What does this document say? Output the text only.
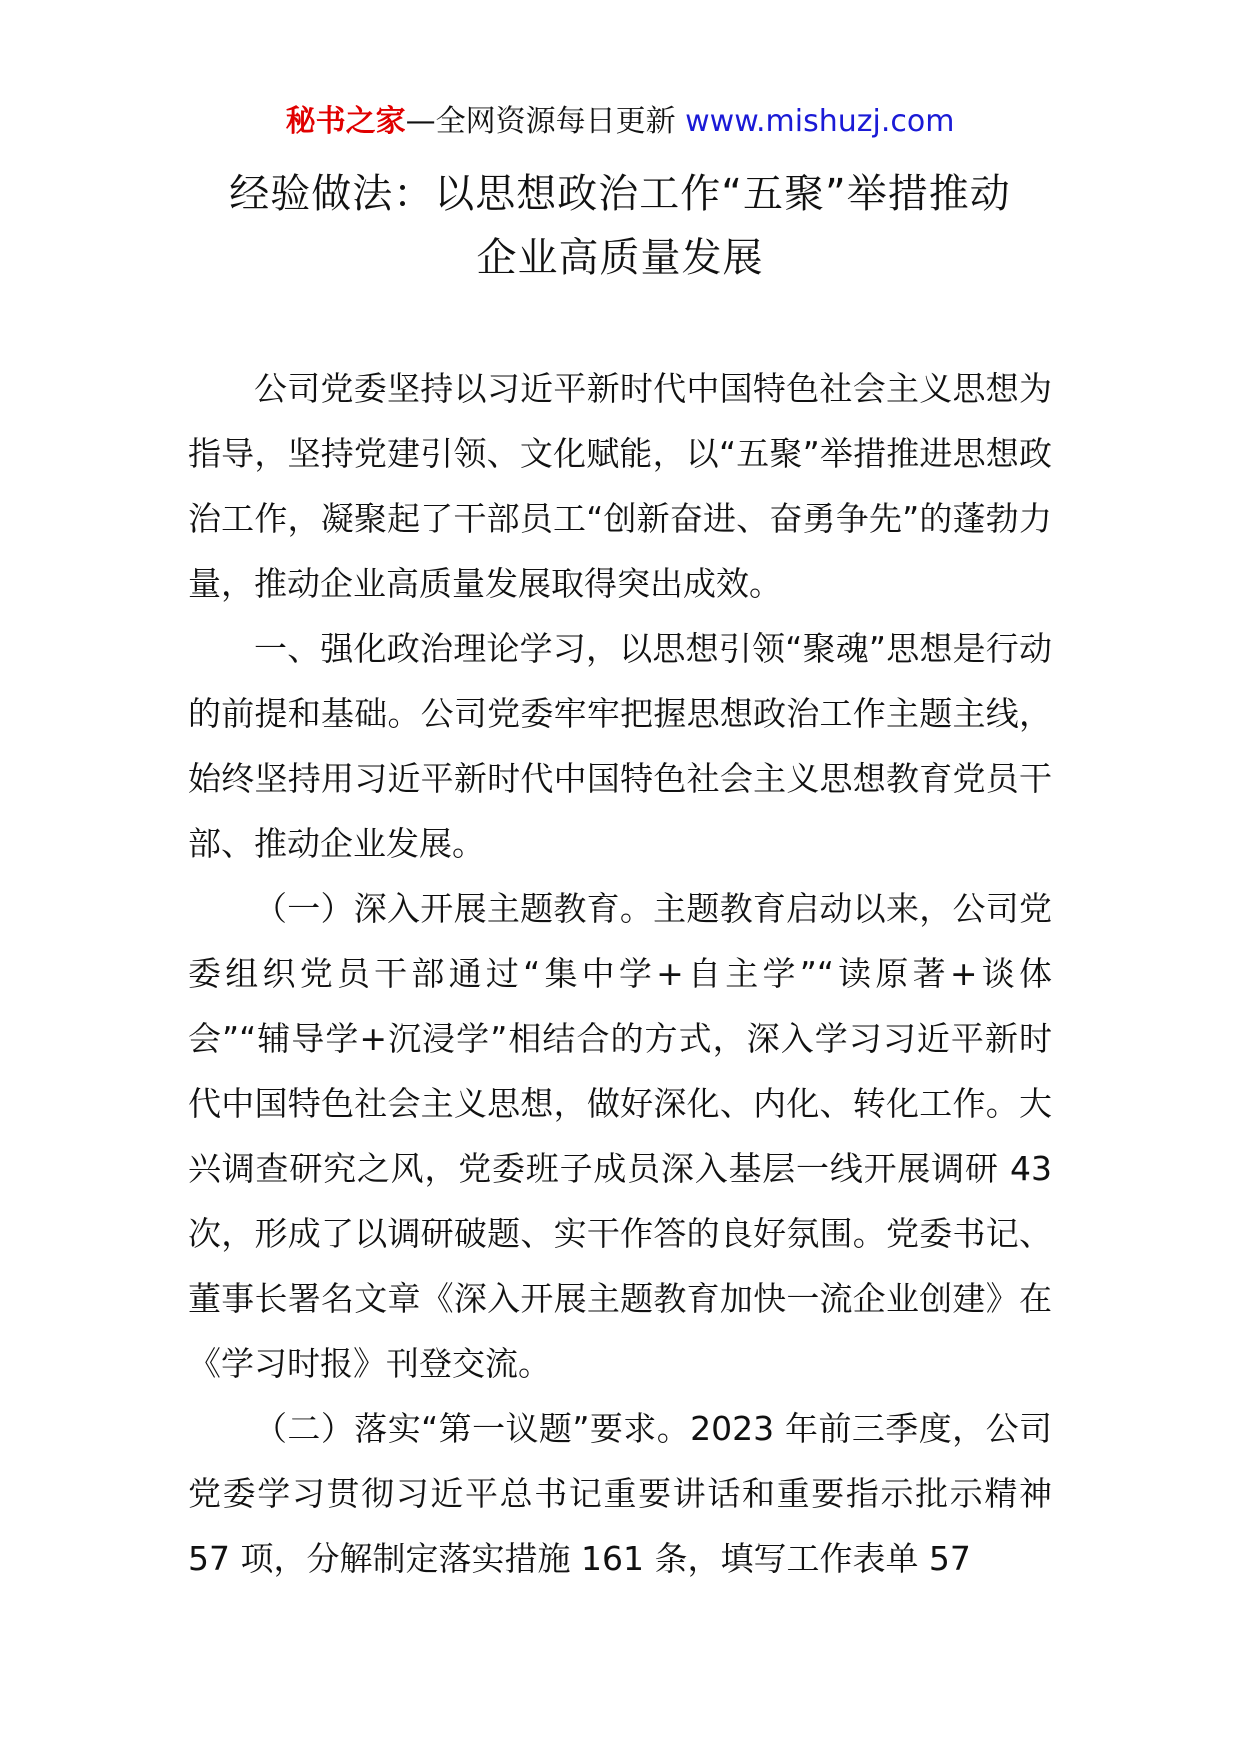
秘书之家—全网资源每日更新 www.mishuzj.com
经验做法：以思想政治工作“五聚”举措推动
企业高质量发展

公司党委坚持以习近平新时代中国特色社会主义思想为指导，坚持党建引领、文化赋能，以“五聚”举措推进思想政治工作，凝聚起了干部员工“创新奋进、奋勇争先”的蓬勃力量，推动企业高质量发展取得突出成效。

一、强化政治理论学习，以思想引领“聚魂”思想是行动的前提和基础。公司党委牢牢把握思想政治工作主题主线，始终坚持用习近平新时代中国特色社会主义思想教育党员干部、推动企业发展。

（一）深入开展主题教育。主题教育启动以来，公司党委组织党员干部通过“集中学+自主学”“读原著+谈体会”“辅导学+沉浸学”相结合的方式，深入学习习近平新时代中国特色社会主义思想，做好深化、内化、转化工作。大兴调查研究之风，党委班子成员深入基层一线开展调研 43 次，形成了以调研破题、实干作答的良好氛围。党委书记、董事长署名文章《深入开展主题教育加快一流企业创建》在《学习时报》刊登交流。

（二）落实“第一议题”要求。2023 年前三季度，公司党委学习贯彻习近平总书记重要讲话和重要指示批示精神 57 项，分解制定落实措施 161 条，填写工作表单 57
